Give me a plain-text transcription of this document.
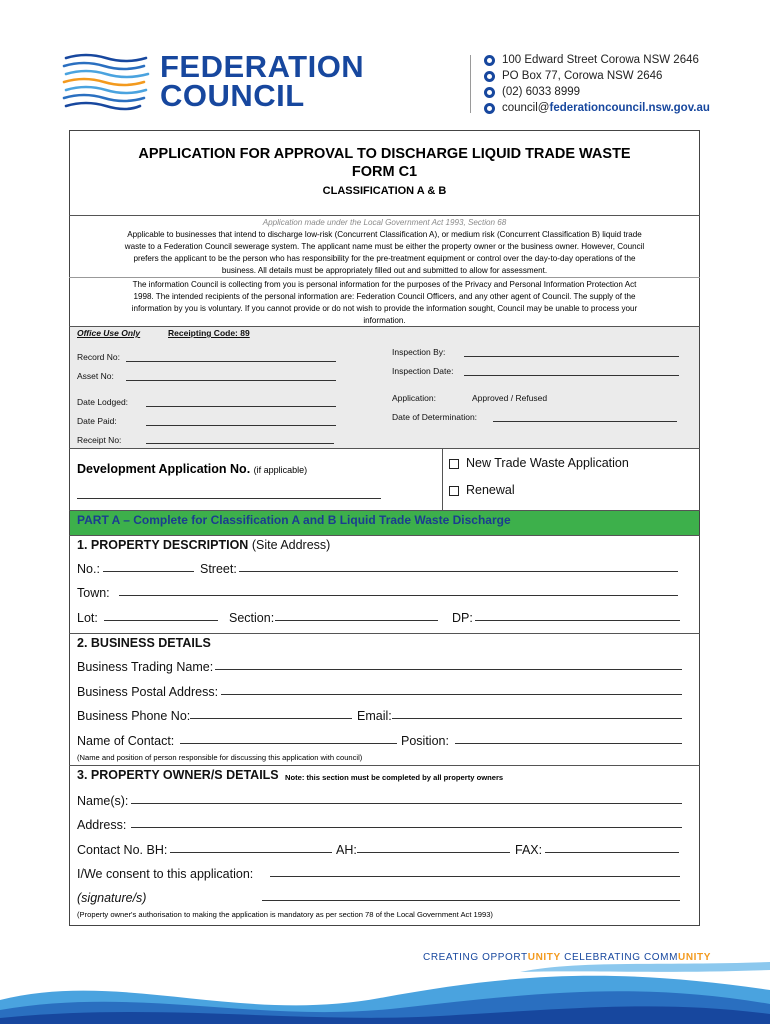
FEDERATION
COUNCIL
100 Edward Street Corowa NSW 2646
PO Box 77, Corowa NSW 2646
(02) 6033 8999
council@ federationcouncil.nsw.gov.au
APPLICATION FOR APPROVAL TO DISCHARGE LIQUID TRADE WASTE
FORM C1
CLASSIFICATION A & B
Application made under the Local Government Act 1993, Section 68
Applicable to businesses that intend to discharge low-risk (Concurrent Classification A), or medium risk (Concurrent Classification B) liquid trade
waste to a Federation Council sewerage system. The applicant name must be either the property owner or the business owner. However, Council
prefers the applicant to be the person who has responsibility for the pre-treatment equipment or control over the day-to-day operations of the
business. All details must be appropriately filled out and submitted to allow for assessment.
The information Council is collecting from you is personal information for the purposes of the Privacy and Personal Information Protection Act
1998. The intended recipients of the personal information are: Federation Council Officers, and any other agent of Council. The supply of the
information by you is voluntary. If you cannot provide or do not wish to provide the information sought, Council may be unable to process your
information.
Office Use Only	Receipting Code: 89
Record No:
Asset No:
Date Lodged:
Date Paid:
Receipt No:
Inspection By:
Inspection Date:
Application:	Approved / Refused
Date of Determination:
Development Application No. (if applicable)	New Trade Waste Application
Renewal
PART A – Complete for Classification A and B Liquid Trade Waste Discharge
1. PROPERTY DESCRIPTION (Site Address)
No.:	Street:
Town:
Lot:	Section:	DP:
2. BUSINESS DETAILS
Business Trading Name:
Business Postal Address:
Business Phone No:	Email:
Name of Contact:	Position:
(Name and position of person responsible for discussing this application with council)
3. PROPERTY OWNER/S DETAILS Note: this section must be completed by all property owners
Name(s):
Address:
Contact No. BH:	AH:	FAX:
I/We consent to this application:
(signature/s)
(Property owner's authorisation to making the application is mandatory as per section 78 of the Local Government Act 1993)
CREATING OPPORTUNITY CELEBRATING COMMUNITY
